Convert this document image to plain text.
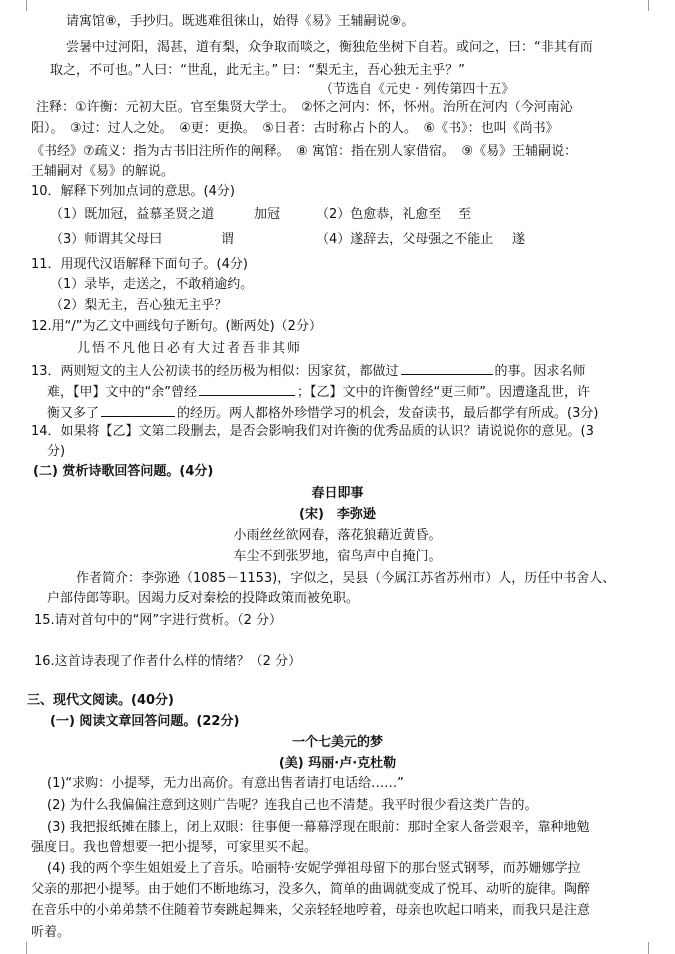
请寓馆⑧，手抄归。既逃难徂徕山，始得《易》王辅嗣说⑨。
尝暑中过河阳，渴甚，道有梨，众争取而啖之，衡独危坐树下自若。或问之，曰：“非其有而
取之，不可也。”人曰：“世乱，此无主。” 曰：“梨无主，吾心独无主乎？”
（节选自《元史 · 列传第四十五》
注释：①许衡：元初大臣。官至集贤大学士。　②怀之河内：怀，怀州。治所在河内（今河南沁
阳）。　③过：过人之处。　④更：更换。　⑤日者：古时称占卜的人。　⑥《书》：也叫《尚书》
《书经》⑦疏义：指为古书旧注所作的阐释。　⑧ 寓馆：指在别人家借宿。　⑨《易》王辅嗣说：
王辅嗣对《易》的解说。
10．解释下列加点词的意思。(4分)
（1）既加冠，益慕圣贤之道	加冠	（2）色愈恭，礼愈至 至
（3）师谓其父母曰	谓	（4）遂辞去，父母强之不能止 遂
11．用现代汉语解释下面句子。(4分)
（1）录毕，走送之，不敢稍逾约。
（2）梨无主，吾心独无主乎？
12.用“/”为乙文中画线句子断句。(断两处)（2分）
儿悟不凡他日必有大过者吾非其师
13．两则短文的主人公初读书的经历极为相似：因家贫，都做过	的事。因求名师
难，【甲】文中的“余”曾经	；【乙】文中的许衡曾经“更三师”。因遭逢乱世，许
衡又多了	的经历。两人都格外珍惜学习的机会，发奋读书，最后都学有所成。(3分)
14．如果将【乙】文第二段删去，是否会影响我们对许衡的优秀品质的认识？请说说你的意见。(3
分)
(二) 赏析诗歌回答问题。(4分)
春日即事
(宋)　李弥逊
小雨丝丝欲网春，落花狼藉近黄昏。
车尘不到张罗地，宿鸟声中自掩门。
作者简介：李弥逊（1085－1153)，字似之，吴县（今属江苏省苏州市）人，历任中书舍人、
户部侍郎等职。因竭力反对秦桧的投降政策而被免职。
15.请对首句中的“网”字进行赏析。（2 分）
16.这首诗表现了作者什么样的情绪？（2 分）
三、现代文阅读。(40分)
(一) 阅读文章回答问题。(22分)
一个七美元的梦
(美) 玛丽·卢·克杜勒
(1)“求购：小提琴，无力出高价。有意出售者请打电话给……”
(2) 为什么我偏偏注意到这则广告呢？连我自己也不清楚。我平时很少看这类广告的。
(3) 我把报纸摊在膝上，闭上双眼：往事便一幕幕浮现在眼前：那时全家人备尝艰辛，靠种地勉
强度日。我也曾想要一把小提琴，可家里买不起。
(4) 我的两个孪生姐姐爱上了音乐。哈丽特·安妮学弹祖母留下的那台竖式钢琴，而苏姗娜学拉
父亲的那把小提琴。由于她们不断地练习，没多久，简单的曲调就变成了悦耳、动听的旋律。陶醉
在音乐中的小弟弟禁不住随着节奏跳起舞来，父亲轻轻地哼着，母亲也吹起口哨来，而我只是注意
听着。
